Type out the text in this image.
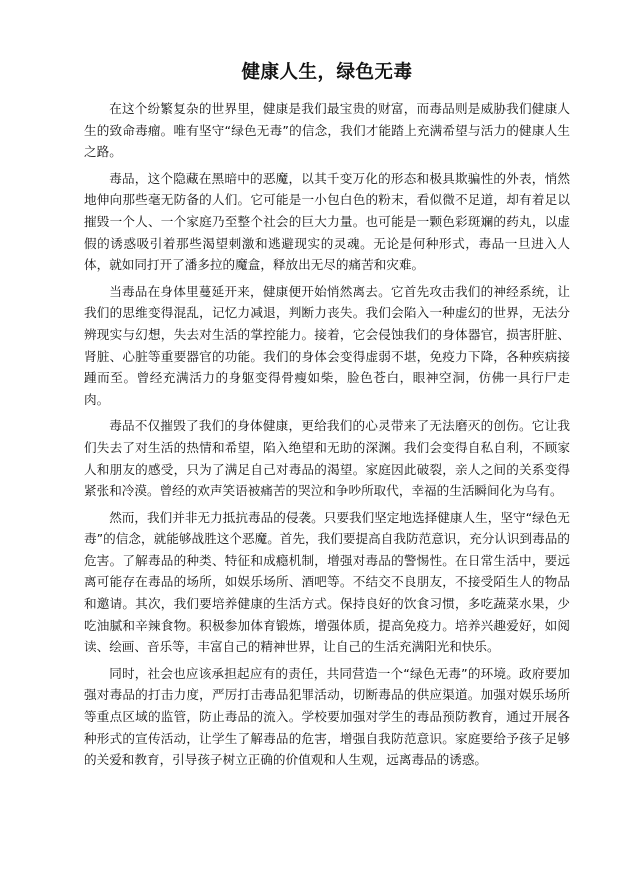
健康人生，绿色无毒

在这个纷繁复杂的世界里，健康是我们最宝贵的财富，而毒品则是威胁我们健康人生的致命毒瘤。唯有坚守“绿色无毒”的信念，我们才能踏上充满希望与活力的健康人生之路。

毒品，这个隐藏在黑暗中的恶魔，以其千变万化的形态和极具欺骗性的外表，悄然地伸向那些毫无防备的人们。它可能是一小包白色的粉末，看似微不足道，却有着足以摧毁一个人、一个家庭乃至整个社会的巨大力量。也可能是一颗色彩斑斓的药丸，以虚假的诱惑吸引着那些渴望刺激和逃避现实的灵魂。无论是何种形式，毒品一旦进入人体，就如同打开了潘多拉的魔盒，释放出无尽的痛苦和灾难。

当毒品在身体里蔓延开来，健康便开始悄然离去。它首先攻击我们的神经系统，让我们的思维变得混乱，记忆力减退，判断力丧失。我们会陷入一种虚幻的世界，无法分辨现实与幻想，失去对生活的掌控能力。接着，它会侵蚀我们的身体器官，损害肝脏、肾脏、心脏等重要器官的功能。我们的身体会变得虚弱不堪，免疫力下降，各种疾病接踵而至。曾经充满活力的身躯变得骨瘦如柴，脸色苍白，眼神空洞，仿佛一具行尸走肉。

毒品不仅摧毁了我们的身体健康，更给我们的心灵带来了无法磨灭的创伤。它让我们失去了对生活的热情和希望，陷入绝望和无助的深渊。我们会变得自私自利，不顾家人和朋友的感受，只为了满足自己对毒品的渴望。家庭因此破裂，亲人之间的关系变得紧张和冷漠。曾经的欢声笑语被痛苦的哭泣和争吵所取代，幸福的生活瞬间化为乌有。

然而，我们并非无力抵抗毒品的侵袭。只要我们坚定地选择健康人生，坚守“绿色无毒”的信念，就能够战胜这个恶魔。首先，我们要提高自我防范意识，充分认识到毒品的危害。了解毒品的种类、特征和成瘾机制，增强对毒品的警惕性。在日常生活中，要远离可能存在毒品的场所，如娱乐场所、酒吧等。不结交不良朋友，不接受陌生人的物品和邀请。其次，我们要培养健康的生活方式。保持良好的饮食习惯，多吃蔬菜水果，少吃油腻和辛辣食物。积极参加体育锻炼，增强体质，提高免疫力。培养兴趣爱好，如阅读、绘画、音乐等，丰富自己的精神世界，让自己的生活充满阳光和快乐。

同时，社会也应该承担起应有的责任，共同营造一个“绿色无毒”的环境。政府要加强对毒品的打击力度，严厉打击毒品犯罪活动，切断毒品的供应渠道。加强对娱乐场所等重点区域的监管，防止毒品的流入。学校要加强对学生的毒品预防教育，通过开展各种形式的宣传活动，让学生了解毒品的危害，增强自我防范意识。家庭要给予孩子足够的关爱和教育，引导孩子树立正确的价值观和人生观，远离毒品的诱惑。
